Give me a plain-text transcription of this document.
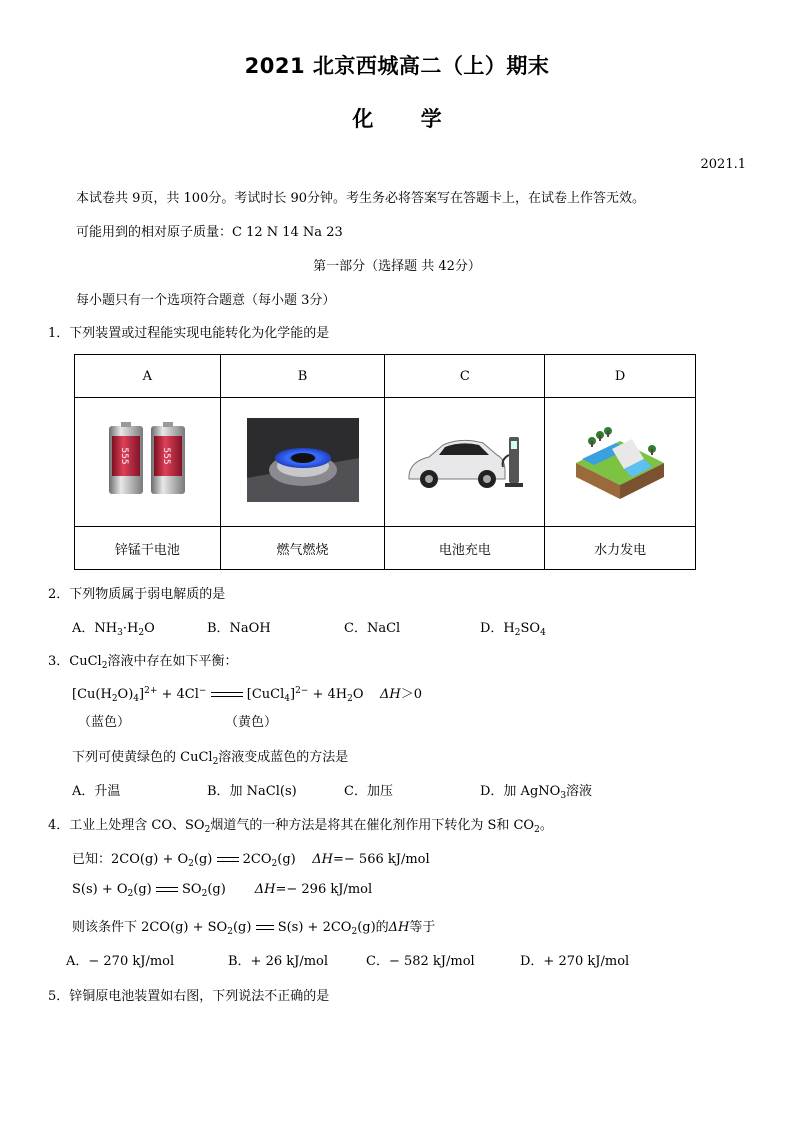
2021 北京西城高二（上）期末
化 学
2021.1
本试卷共 9页，共 100分。考试时长 90分钟。考生务必将答案写在答题卡上，在试卷上作答无效。
可能用到的相对原子质量：C 12 N 14 Na 23
第一部分（选择题 共 42分）
每小题只有一个选项符合题意（每小题 3分）
1．下列装置或过程能实现电能转化为化学能的是
A	B	C	D

555 555

锌锰干电池	燃气燃烧	电池充电	水力发电
2．下列物质属于弱电解质的是
A．$NH_3\cdot H_2O$	B．NaOH	C．NaCl	D．$H_2SO_4$
3．CuCl$_2$溶液中存在如下平衡：
$[Cu(H_2O)_4]^{2+} + 4Cl^-$	[CuCl$_4$]$^{2-}$ + $4H_2O$ ΔH＞0
（蓝色）	（黄色）
下列可使黄绿色的 CuCl$_2$溶液变成蓝色的方法是
A．升温	B．加 NaCl(s)	C．加压	D．加 AgNO$_3$溶液
4．工业上处理含 CO、$SO_2$烟道气的一种方法是将其在催化剂作用下转化为 S和 $CO_2$。
已知：$2CO(g) + O_2(g)$ $2CO_2(g)$ ΔH=− 566 kJ/mol
$S(s) + O_2(g)$ $SO_2(g)$ ΔH=− 296 kJ/mol
则该条件下 $2CO(g) + SO_2(g) S(s) + 2CO_2(g)$的ΔH等于
A．− 270 kJ/mol	B．+ 26 kJ/mol	C．− 582 kJ/mol	D．+ 270 kJ/mol
5．锌铜原电池装置如右图，下列说法不正确的是
